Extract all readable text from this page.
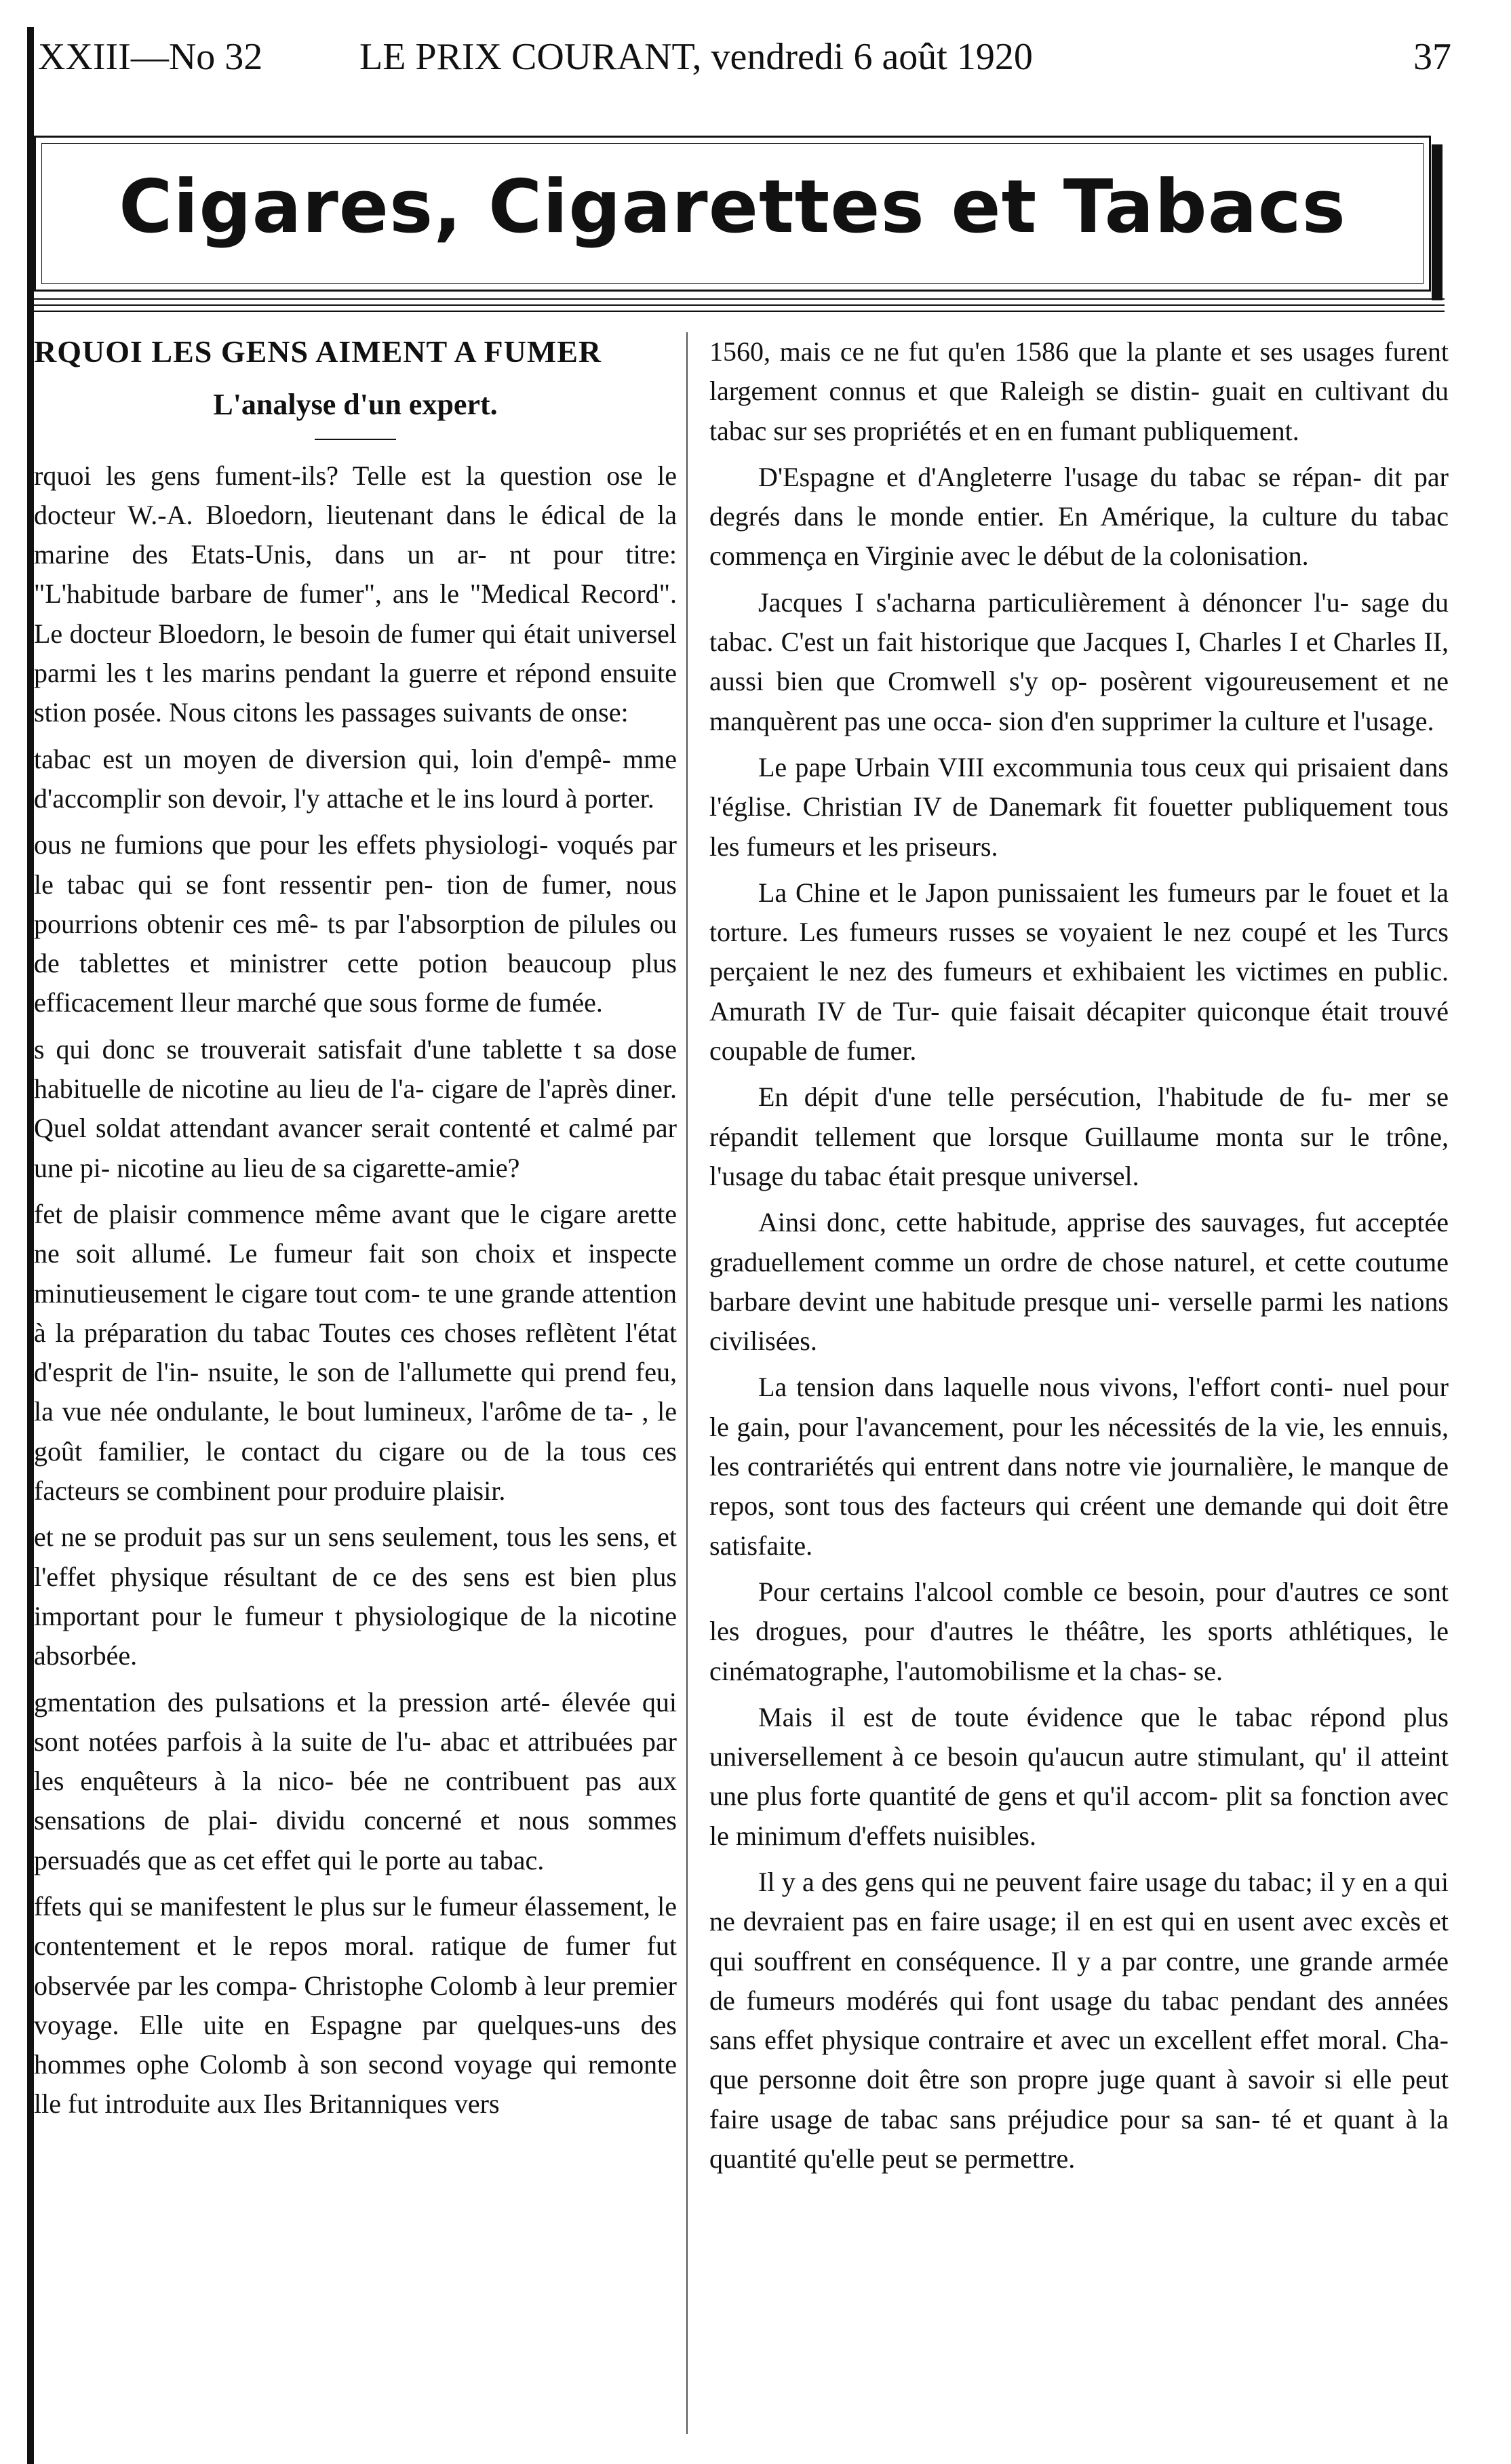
XXIII—No 32	LE PRIX COURANT, vendredi 6 août 1920	37
Cigares, Cigarettes et Tabacs
RQUOI LES GENS AIMENT A FUMER
L'analyse d'un expert.

rquoi les gens fument-ils? Telle est la question ose le docteur W.-A. Bloedorn, lieutenant dans le édical de la marine des Etats-Unis, dans un ar- nt pour titre: "L'habitude barbare de fumer", ans le "Medical Record". Le docteur Bloedorn, le besoin de fumer qui était universel parmi les t les marins pendant la guerre et répond ensuite stion posée. Nous citons les passages suivants de onse:

tabac est un moyen de diversion qui, loin d'empê- mme d'accomplir son devoir, l'y attache et le ins lourd à porter.

ous ne fumions que pour les effets physiologi- voqués par le tabac qui se font ressentir pen- tion de fumer, nous pourrions obtenir ces mê- ts par l'absorption de pilules ou de tablettes et ministrer cette potion beaucoup plus efficacement lleur marché que sous forme de fumée.

s qui donc se trouverait satisfait d'une tablette t sa dose habituelle de nicotine au lieu de l'a- cigare de l'après diner. Quel soldat attendant avancer serait contenté et calmé par une pi- nicotine au lieu de sa cigarette-amie?

fet de plaisir commence même avant que le cigare arette ne soit allumé. Le fumeur fait son choix et inspecte minutieusement le cigare tout com- te une grande attention à la préparation du tabac Toutes ces choses reflètent l'état d'esprit de l'in- nsuite, le son de l'allumette qui prend feu, la vue née ondulante, le bout lumineux, l'arôme de ta- , le goût familier, le contact du cigare ou de la tous ces facteurs se combinent pour produire plaisir.

et ne se produit pas sur un sens seulement, tous les sens, et l'effet physique résultant de ce des sens est bien plus important pour le fumeur t physiologique de la nicotine absorbée.

gmentation des pulsations et la pression arté- élevée qui sont notées parfois à la suite de l'u- abac et attribuées par les enquêteurs à la nico- bée ne contribuent pas aux sensations de plai- dividu concerné et nous sommes persuadés que as cet effet qui le porte au tabac.

ffets qui se manifestent le plus sur le fumeur élassement, le contentement et le repos moral. ratique de fumer fut observée par les compa- Christophe Colomb à leur premier voyage. Elle uite en Espagne par quelques-uns des hommes ophe Colomb à son second voyage qui remonte lle fut introduite aux Iles Britanniques vers

1560, mais ce ne fut qu'en 1586 que la plante et ses usages furent largement connus et que Raleigh se distin- guait en cultivant du tabac sur ses propriétés et en en fumant publiquement.

D'Espagne et d'Angleterre l'usage du tabac se répan- dit par degrés dans le monde entier. En Amérique, la culture du tabac commença en Virginie avec le début de la colonisation.

Jacques I s'acharna particulièrement à dénoncer l'u- sage du tabac. C'est un fait historique que Jacques I, Charles I et Charles II, aussi bien que Cromwell s'y op- posèrent vigoureusement et ne manquèrent pas une occa- sion d'en supprimer la culture et l'usage.

Le pape Urbain VIII excommunia tous ceux qui prisaient dans l'église. Christian IV de Danemark fit fouetter publiquement tous les fumeurs et les priseurs.

La Chine et le Japon punissaient les fumeurs par le fouet et la torture. Les fumeurs russes se voyaient le nez coupé et les Turcs perçaient le nez des fumeurs et exhibaient les victimes en public. Amurath IV de Tur- quie faisait décapiter quiconque était trouvé coupable de fumer.

En dépit d'une telle persécution, l'habitude de fu- mer se répandit tellement que lorsque Guillaume monta sur le trône, l'usage du tabac était presque universel.

Ainsi donc, cette habitude, apprise des sauvages, fut acceptée graduellement comme un ordre de chose naturel, et cette coutume barbare devint une habitude presque uni- verselle parmi les nations civilisées.

La tension dans laquelle nous vivons, l'effort conti- nuel pour le gain, pour l'avancement, pour les nécessités de la vie, les ennuis, les contrariétés qui entrent dans notre vie journalière, le manque de repos, sont tous des facteurs qui créent une demande qui doit être satisfaite.

Pour certains l'alcool comble ce besoin, pour d'autres ce sont les drogues, pour d'autres le théâtre, les sports athlétiques, le cinématographe, l'automobilisme et la chas- se.

Mais il est de toute évidence que le tabac répond plus universellement à ce besoin qu'aucun autre stimulant, qu' il atteint une plus forte quantité de gens et qu'il accom- plit sa fonction avec le minimum d'effets nuisibles.

Il y a des gens qui ne peuvent faire usage du tabac; il y en a qui ne devraient pas en faire usage; il en est qui en usent avec excès et qui souffrent en conséquence. Il y a par contre, une grande armée de fumeurs modérés qui font usage du tabac pendant des années sans effet physique contraire et avec un excellent effet moral. Cha- que personne doit être son propre juge quant à savoir si elle peut faire usage de tabac sans préjudice pour sa san- té et quant à la quantité qu'elle peut se permettre.
